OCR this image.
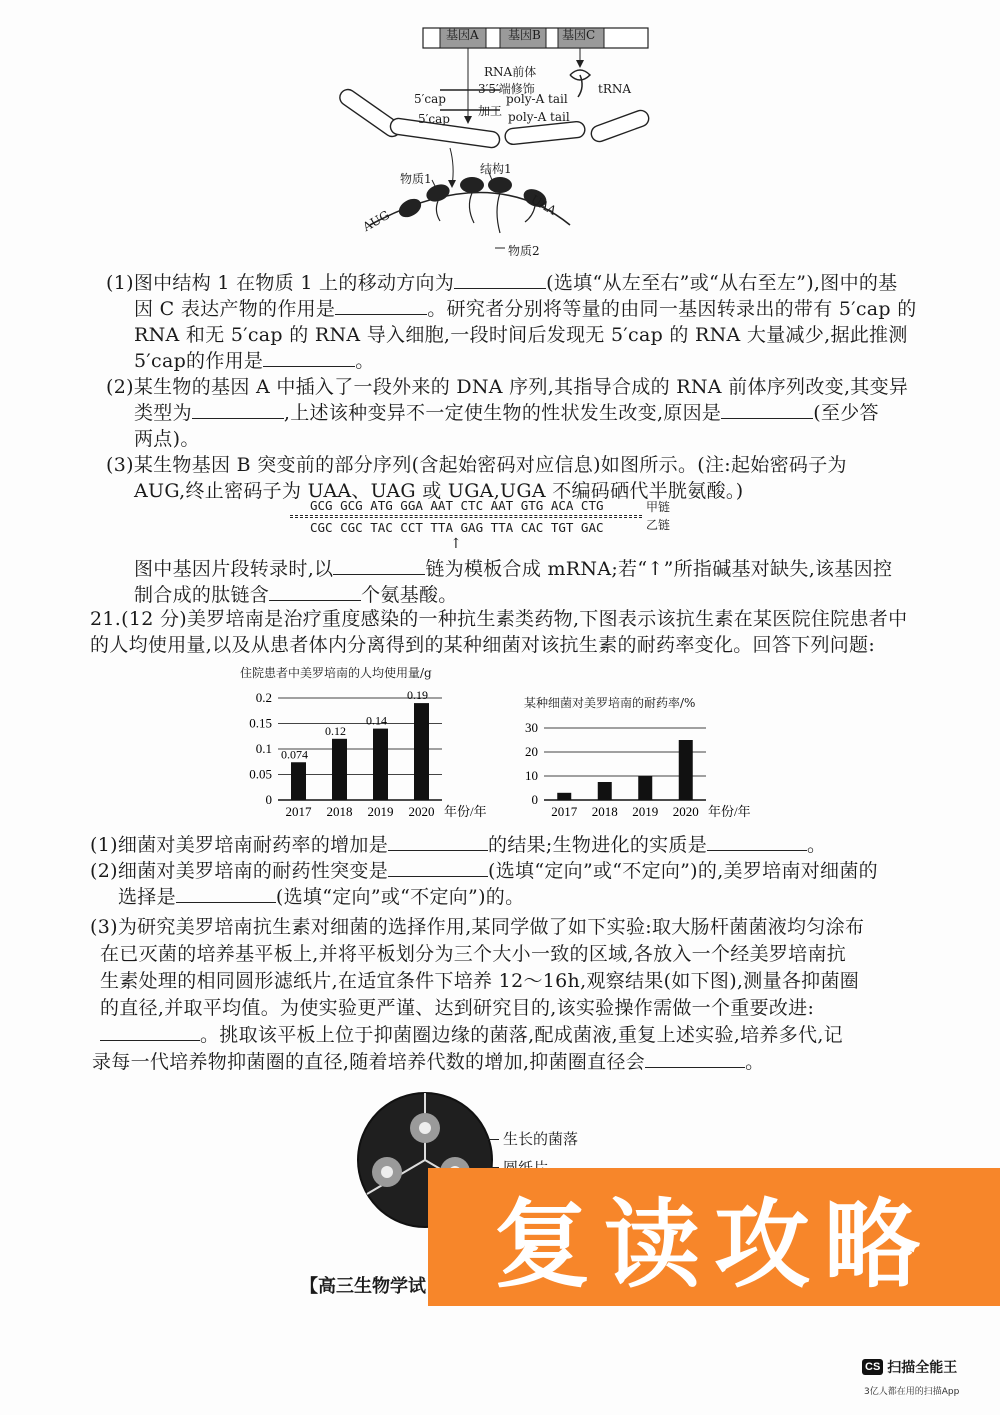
基因A 基因B 基因C
RNA前体
3′5′端修饰
5′cap
5′cap
poly-A tail
poly-A tail
加工
tRNA
结构1
物质1
物质2
AUG
UAA
(1)图中结构 1 在物质 1 上的移动方向为	(选填“从左至右”或“从右至左”),图中的基
因 C 表达产物的作用是	。研究者分别将等量的由同一基因转录出的带有 5′cap 的
RNA 和无 5′cap 的 RNA 导入细胞,一段时间后发现无 5′cap 的 RNA 大量减少,据此推测
5′cap的作用是	。
(2)某生物的基因 A 中插入了一段外来的 DNA 序列,其指导合成的 RNA 前体序列改变,其变异
类型为	,上述该种变异不一定使生物的性状发生改变,原因是	(至少答
两点)。
(3)某生物基因 B 突变前的部分序列(含起始密码对应信息)如图所示。(注:起始密码子为
AUG,终止密码子为 UAA、UAG 或 UGA,UGA 不编码硒代半胱氨酸。)
GCG GCG ATG GGA AAT CTC AAT GTG ACA CTG
CGC CGC TAC CCT TTA GAG TTA CAC TGT GAC
甲链
乙链
↑
图中基因片段转录时,以	链为模板合成 mRNA;若“↑”所指碱基对缺失,该基因控
制合成的肽链含	个氨基酸。
21.(12 分)美罗培南是治疗重度感染的一种抗生素类药物,下图表示该抗生素在某医院住院患者中
的人均使用量,以及从患者体内分离得到的某种细菌对该抗生素的耐药率变化。回答下列问题:
住院患者中美罗培南的人均使用量/g
0
0.05
0.1
0.15
0.2
2017
0.074
2018
0.12
2019
0.14
2020
0.19
年份/年
某种细菌对美罗培南的耐药率/%
0
10
20
30
2017 2018 2019 2020 年份/年
(1)细菌对美罗培南耐药率的增加是	的结果;生物进化的实质是	。
(2)细菌对美罗培南的耐药性突变是	(选填“定向”或“不定向”)的,美罗培南对细菌的
选择是	(选填“定向”或“不定向”)的。
(3)为研究美罗培南抗生素对细菌的选择作用,某同学做了如下实验:取大肠杆菌菌液均匀涂布
在已灭菌的培养基平板上,并将平板划分为三个大小一致的区域,各放入一个经美罗培南抗
生素处理的相同圆形滤纸片,在适宜条件下培养 12～16h,观察结果(如下图),测量各抑菌圈
的直径,并取平均值。为使实验更严谨、达到研究目的,该实验操作需做一个重要改进:
。挑取该平板上位于抑菌圈边缘的菌落,配成菌液,重复上述实验,培养多代,记
录每一代培养物抑菌圈的直径,随着培养代数的增加,抑菌圈直径会	。
生长的菌落
【高三生物学试 复读攻略
CS 扫描全能王
3亿人都在用的扫描App
